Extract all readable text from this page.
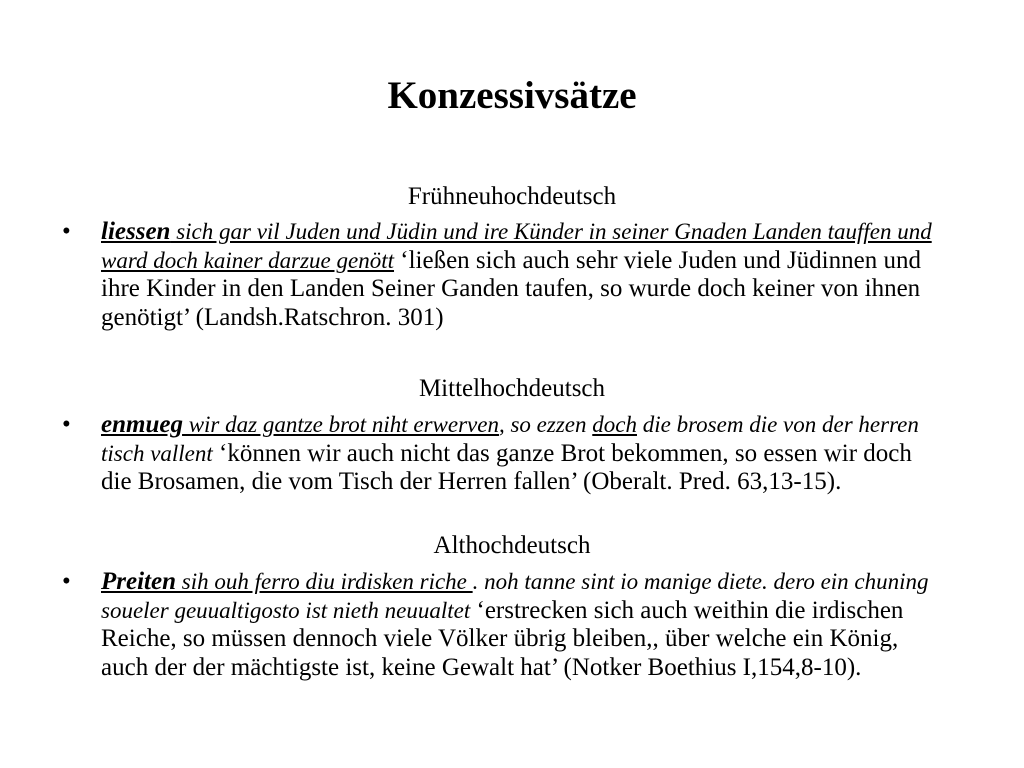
Konzessivsätze
Frühneuhochdeutsch
•	liessen sich gar vil Juden und Jüdin und ire Künder in seiner Gnaden Landen tauffen und ward doch kainer darzue genött ‘ließen sich auch sehr viele Juden und Jüdinnen und ihre Kinder in den Landen Seiner Ganden taufen, so wurde doch keiner von ihnen genötigt’ (Landsh.Ratschron. 301)
Mittelhochdeutsch
•	enmueg wir daz gantze brot niht erwerven, so ezzen doch die brosem die von der herren tisch vallent ‘können wir auch nicht das ganze Brot bekommen, so essen wir doch die Brosamen, die vom Tisch der Herren fallen’ (Oberalt. Pred. 63,13-15).
Althochdeutsch
•	Preiten sih ouh ferro diu irdisken riche . noh tanne sint io manige diete. dero ein chuning soueler geuualtigosto ist nieth neuualtet ‘erstrecken sich auch weithin die irdischen Reiche, so müssen dennoch viele Völker übrig bleiben,, über welche ein König, auch der der mächtigste ist, keine Gewalt hat’ (Notker Boethius I,154,8-10).
